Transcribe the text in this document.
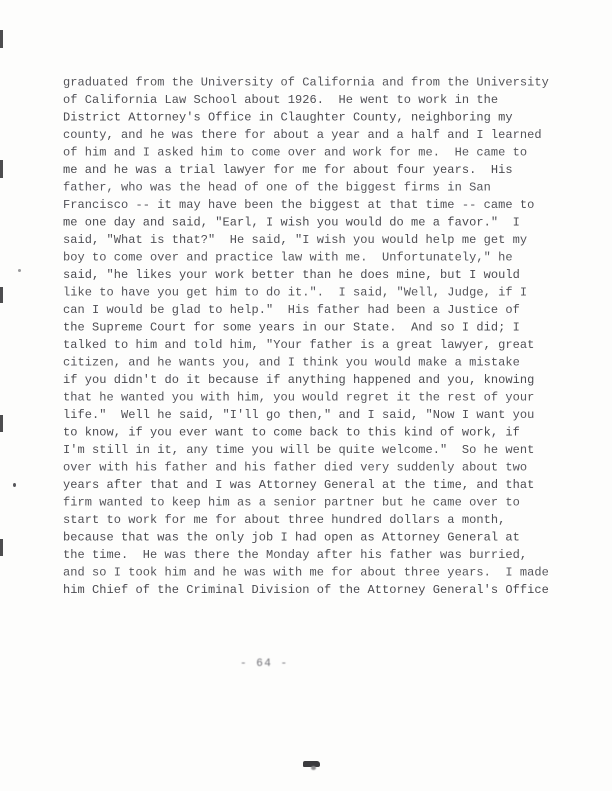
graduated from the University of California and from the University
of California Law School about 1926.  He went to work in the
District Attorney's Office in Claughter County, neighboring my
county, and he was there for about a year and a half and I learned
of him and I asked him to come over and work for me.  He came to
me and he was a trial lawyer for me for about four years.  His
father, who was the head of one of the biggest firms in San
Francisco -- it may have been the biggest at that time -- came to
me one day and said, "Earl, I wish you would do me a favor."  I
said, "What is that?"  He said, "I wish you would help me get my
boy to come over and practice law with me.  Unfortunately," he
said, "he likes your work better than he does mine, but I would
like to have you get him to do it.".  I said, "Well, Judge, if I
can I would be glad to help."  His father had been a Justice of
the Supreme Court for some years in our State.  And so I did; I
talked to him and told him, "Your father is a great lawyer, great
citizen, and he wants you, and I think you would make a mistake
if you didn't do it because if anything happened and you, knowing
that he wanted you with him, you would regret it the rest of your
life."  Well he said, "I'll go then," and I said, "Now I want you
to know, if you ever want to come back to this kind of work, if
I'm still in it, any time you will be quite welcome."  So he went
over with his father and his father died very suddenly about two
years after that and I was Attorney General at the time, and that
firm wanted to keep him as a senior partner but he came over to
start to work for me for about three hundred dollars a month,
because that was the only job I had open as Attorney General at
the time.  He was there the Monday after his father was burried,
and so I took him and he was with me for about three years.  I made
him Chief of the Criminal Division of the Attorney General's Office
- 64 -
